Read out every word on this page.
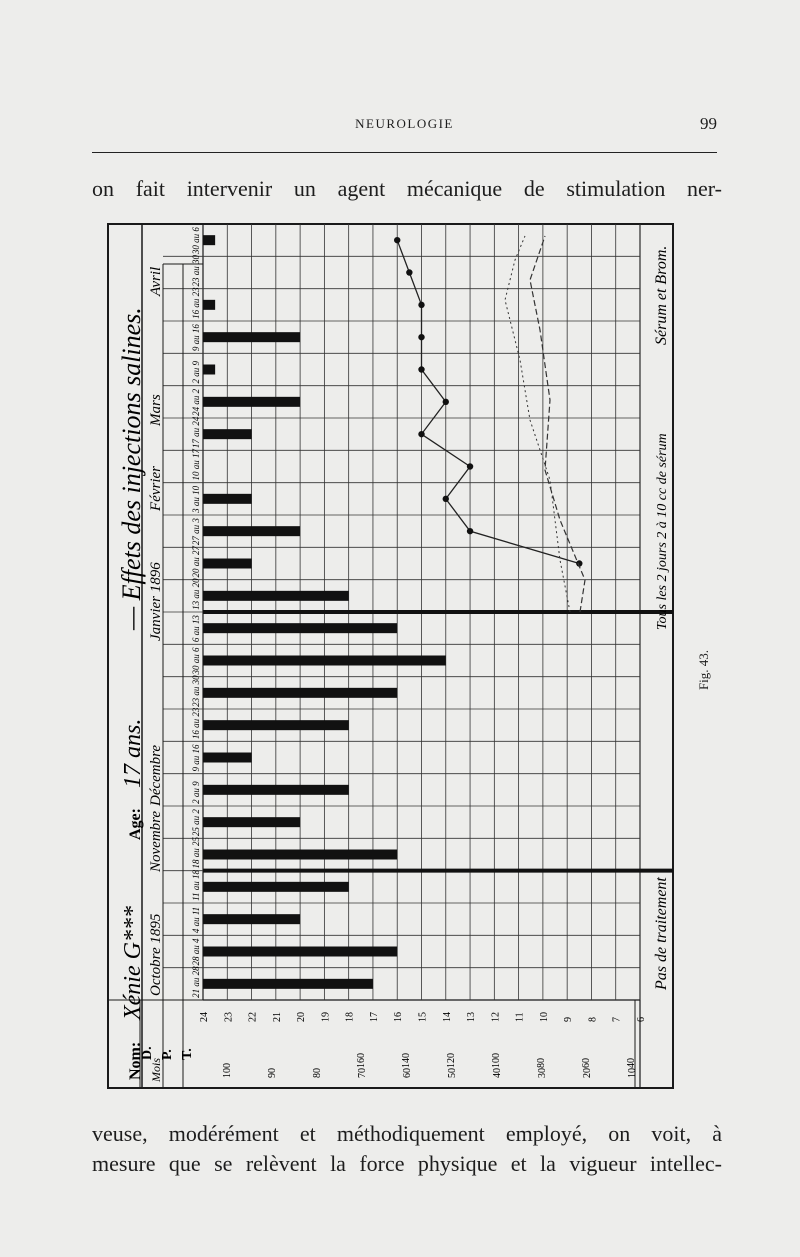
NEUROLOGIE	99
on fait intervenir un agent mécanique de stimulation ner-
Nom:
Xénie G***
Age:
17 ans.
— Effets des injections salines.
Octobre 1895
Novembre
Décembre
Janvier 1896
Février
Mars
Avril
Mois
21 au 28
28 au 4
4 au 11
11 au 18
18 au 25
25 au 2
2 au 9
9 au 16
16 au 23
23 au 30
30 au 6
6 au 13
13 au 20
20 au 27
27 au 3
3 au 10
10 au 17
17 au 24
24 au 2
2 au 9
9 au 16
16 au 23
23 au 30
30 au 6
D. P. T.
24 23 22 21 20 19 18 17 16 15 14 13 12 11 10 9 8 7 6
160	140	120	100	80	60	40
100	90	80	70	60	50	40	30	20	10
Pas de traitement
Tous les 2 jours 2 à 10 cc de sérum
Sérum et Brom.
Fig. 43.
veuse, modérément et méthodiquement employé, on voit, à
mesure que se relèvent la force physique et la vigueur intellec-
